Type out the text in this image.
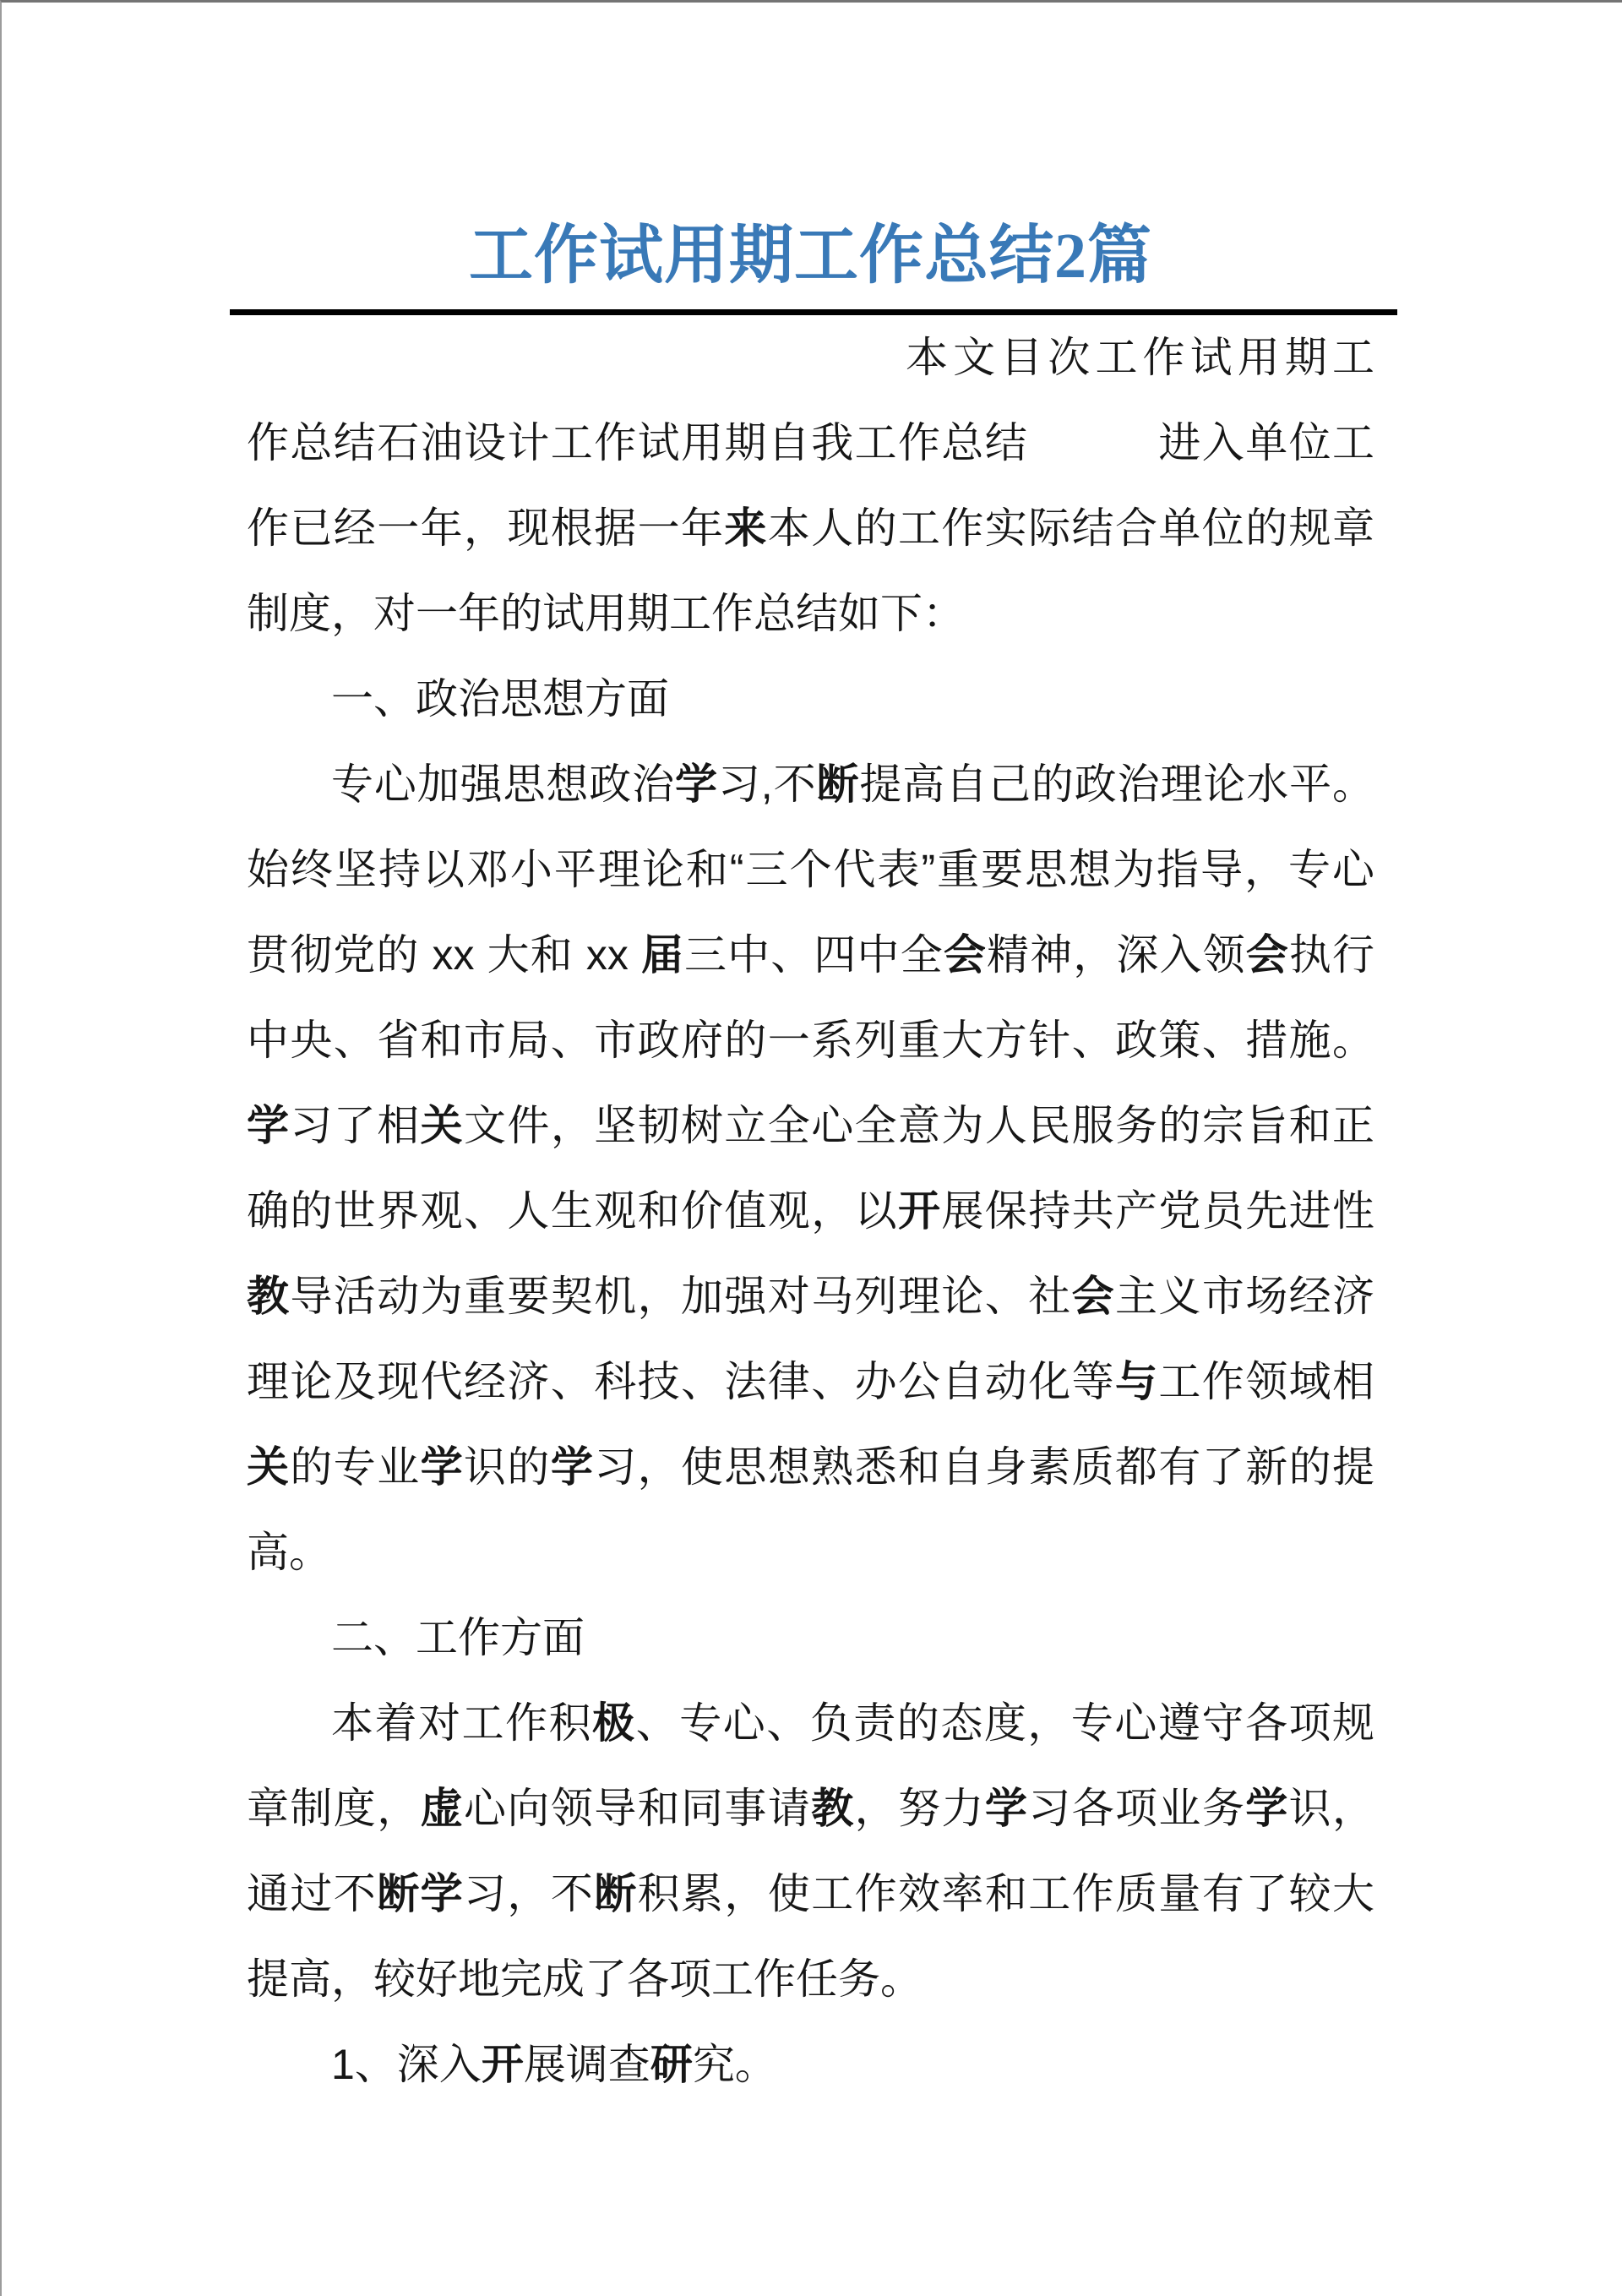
工作试用期工作总结2篇
本文目次工作试用期工
作总结石油设计工作试用期自我工作总结　　　进入单位工
作已经一年，现根据一年来本人的工作实际结合单位的规章
制度，对一年的试用期工作总结如下：
一、政治思想方面
专心加强思想政治学习,不断提高自己的政治理论水平。
始终坚持以邓小平理论和“三个代表”重要思想为指导，专心
贯彻党的 xx 大和 xx 届三中、四中全会精神，深入领会执行
中央、省和市局、市政府的一系列重大方针、政策、措施。
学习了相关文件，坚韧树立全心全意为人民服务的宗旨和正
确的世界观、人生观和价值观，以开展保持共产党员先进性
教导活动为重要契机，加强对马列理论、社会主义市场经济
理论及现代经济、科技、法律、办公自动化等与工作领域相
关的专业学识的学习，使思想熟悉和自身素质都有了新的提
高。
二、工作方面
本着对工作积极、专心、负责的态度，专心遵守各项规
章制度，虚心向领导和同事请教，努力学习各项业务学识，
通过不断学习，不断积累，使工作效率和工作质量有了较大
提高，较好地完成了各项工作任务。
1、深入开展调查研究。
